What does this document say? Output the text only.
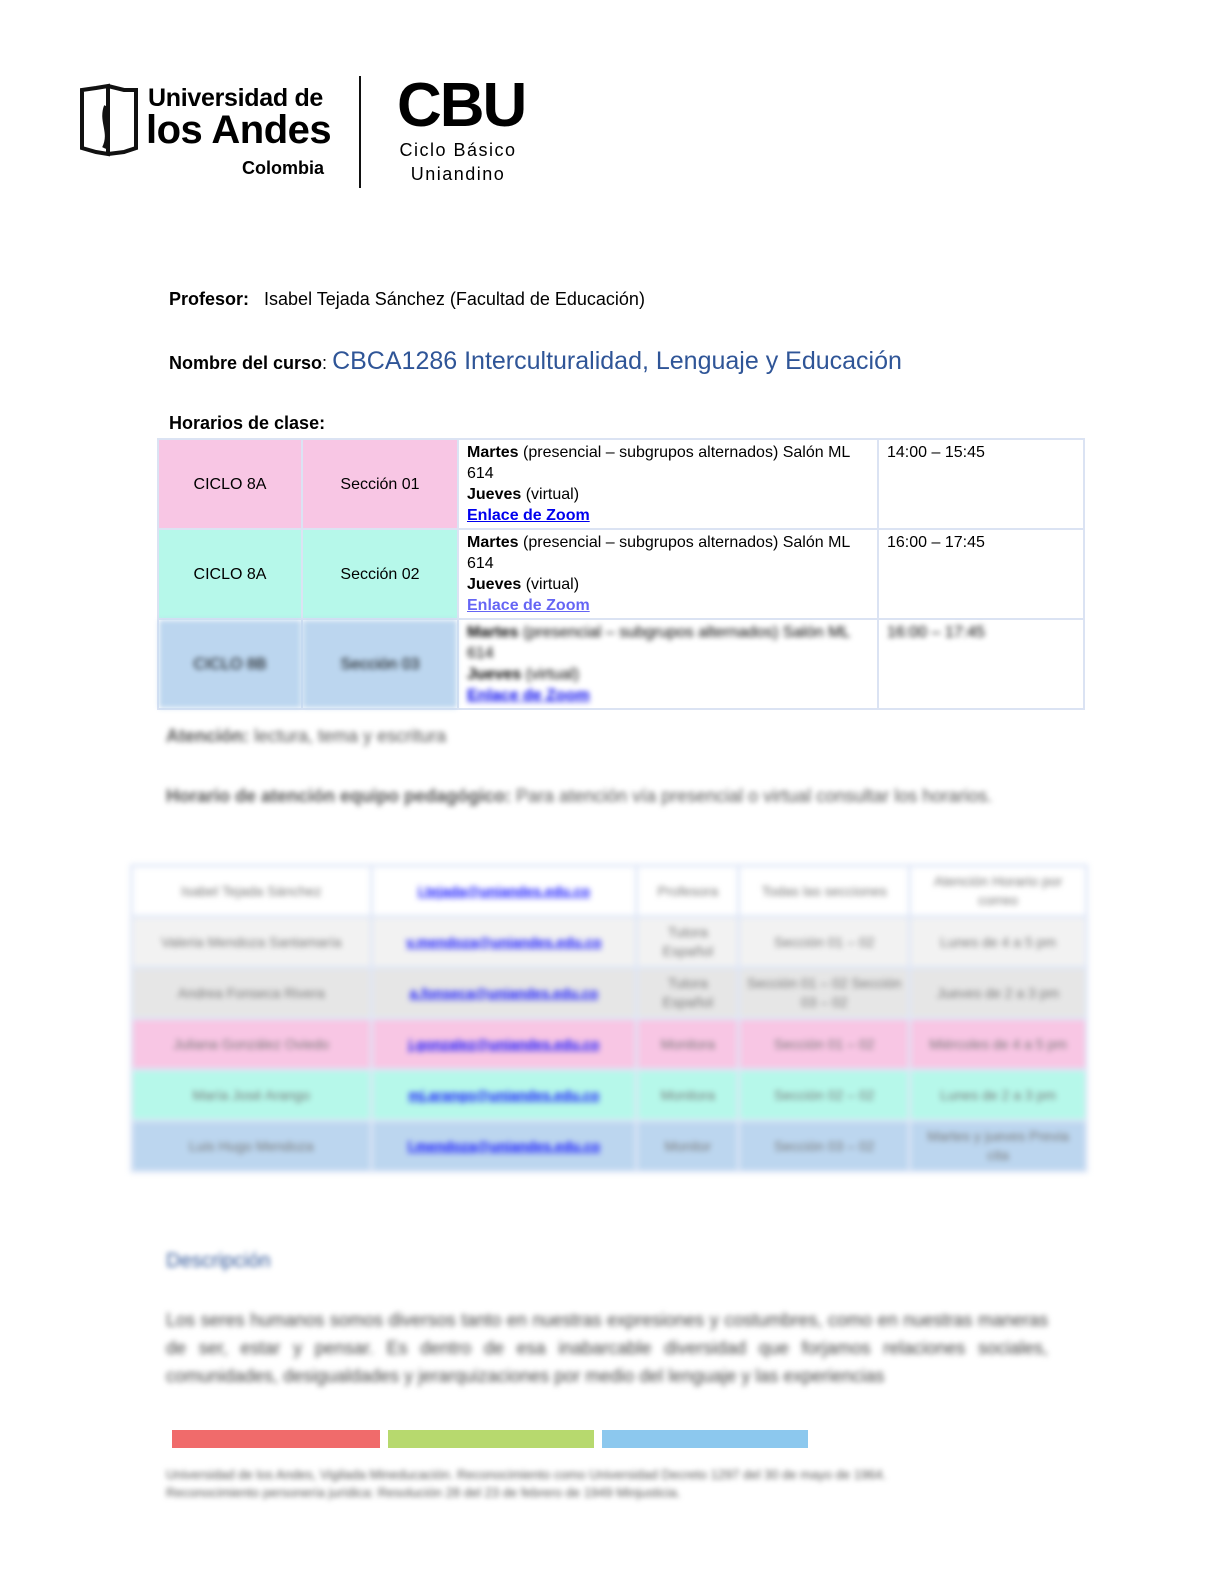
Universidad de
los Andes
Colombia
CBU
Ciclo Básico
Uniandino
Profesor: Isabel Tejada Sánchez (Facultad de Educación)
Nombre del curso: CBCA1286 Interculturalidad, Lenguaje y Educación
Horarios de clase:
CICLO 8A	Sección 01	Martes (presencial – subgrupos alternados) Salón ML 614
Jueves (virtual)
Enlace de Zoom	14:00 – 15:45
CICLO 8A	Sección 02	Martes (presencial – subgrupos alternados) Salón ML 614
Jueves (virtual)
Enlace de Zoom	16:00 – 17:45
CICLO 8B	Sección 03	Martes (presencial – subgrupos alternados) Salón ML 614
Jueves (virtual)
Enlace de Zoom	16:00 – 17:45
Atención: lectura, tema y escritura
Horario de atención equipo pedagógico: Para atención vía presencial o virtual consultar los horarios.
Isabel Tejada Sánchez	i.tejada@uniandes.edu.co	Profesora	Todas las secciones	Atención Horario por correo
Valeria Mendoza Santamaría	v.mendoza@uniandes.edu.co	Tutora Español	Sección 01 – 02	Lunes de 4 a 5 pm
Andrea Fonseca Rivera	a.fonseca@uniandes.edu.co	Tutora Español	Sección 01 – 02 Sección 03 – 02	Jueves de 2 a 3 pm
Juliana González Oviedo	j.gonzalez@uniandes.edu.co	Monitora	Sección 01 – 02	Miércoles de 4 a 5 pm
María José Arango	mj.arango@uniandes.edu.co	Monitora	Sección 02 – 02	Lunes de 2 a 3 pm
Luis Hugo Mendoza	l.mendoza@uniandes.edu.co	Monitor	Sección 03 – 02	Martes y jueves Previa cita
Descripción
Los seres humanos somos diversos tanto en nuestras expresiones y costumbres, como en nuestras maneras de ser, estar y pensar. Es dentro de esa inabarcable diversidad que forjamos relaciones sociales, comunidades, desigualdades y jerarquizaciones por medio del lenguaje y las experiencias
Universidad de los Andes, Vigilada Mineducación. Reconocimiento como Universidad Decreto 1297 del 30 de mayo de 1964.
Reconocimiento personería jurídica: Resolución 28 del 23 de febrero de 1949 Minjusticia.
